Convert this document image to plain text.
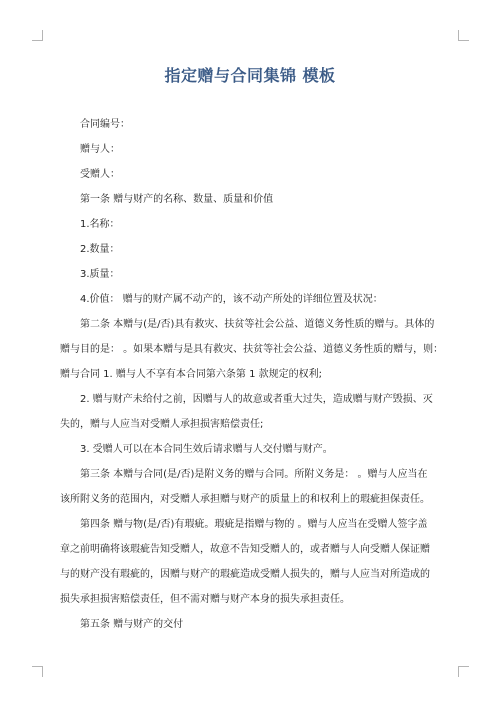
指定赠与合同集锦 模板
合同编号：
赠与人：
受赠人：
第一条 赠与财产的名称、数量、质量和价值
1.名称：
2.数量：
3.质量：
4.价值： 赠与的财产属不动产的，该不动产所处的详细位置及状况：
第二条 本赠与(是/否)具有救灾、扶贫等社会公益、道德义务性质的赠与。具体的
赠与目的是： 。如果本赠与是具有救灾、扶贫等社会公益、道德义务性质的赠与，则：
赠与合同 1. 赠与人不享有本合同第六条第 1 款规定的权利;
2. 赠与财产未给付之前，因赠与人的故意或者重大过失，造成赠与财产毁损、灭
失的，赠与人应当对受赠人承担损害赔偿责任;
3. 受赠人可以在本合同生效后请求赠与人交付赠与财产。
第三条 本赠与合同(是/否)是附义务的赠与合同。所附义务是： 。赠与人应当在
该所附义务的范围内，对受赠人承担赠与财产的质量上的和权利上的瑕疵担保责任。
第四条 赠与物(是/否)有瑕疵。瑕疵是指赠与物的 。赠与人应当在受赠人签字盖
章之前明确将该瑕疵告知受赠人，故意不告知受赠人的，或者赠与人向受赠人保证赠
与的财产没有瑕疵的，因赠与财产的瑕疵造成受赠人损失的，赠与人应当对所造成的
损失承担损害赔偿责任，但不需对赠与财产本身的损失承担责任。
第五条 赠与财产的交付
